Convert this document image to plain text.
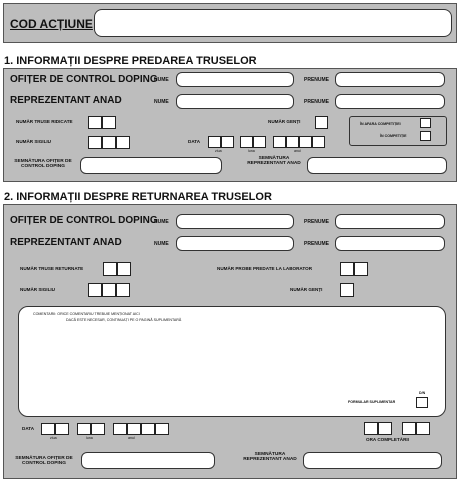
COD ACȚIUNE
1. INFORMAȚII DESPRE PREDAREA TRUSELOR
OFIȚER DE CONTROL DOPING
NUME	PRENUME
REPREZENTANT ANAD	NUME	PRENUME
NUMĂR TRUSE RIDICATE	NUMĂR GENȚI	ÎN AFARA COMPETIȚIEI
ÎN COMPETIȚIE
NUMĂR SIGILIU	DATA
ziua	luna	anul
SEMNĂTURA OFIȚER DE CONTROL DOPING
SEMNĂTURA REPREZENTANT ANAD
2. INFORMAȚII DESPRE RETURNAREA TRUSELOR
OFIȚER DE CONTROL DOPING
NUME	PRENUME
REPREZENTANT ANAD	NUME	PRENUME
NUMĂR TRUSE RETURNATE	NUMĂR PROBE PREDATE LA LABORATOR
NUMĂR SIGILIU	NUMĂR GENȚI
COMENTARII: ORICE COMENTARIU TREBUIE MENȚIONAT AICI
DACĂ ESTE NECESAR, CONTINUAȚI PE O PAGINĂ SUPLIMENTARĂ
D/N
FORMULAR SUPLIMENTAR
DATA
ziua	luna	anul	ORA COMPLETĂRII
SEMNĂTURA OFIȚER DE CONTROL DOPING
SEMNĂTURA REPREZENTANT ANAD
